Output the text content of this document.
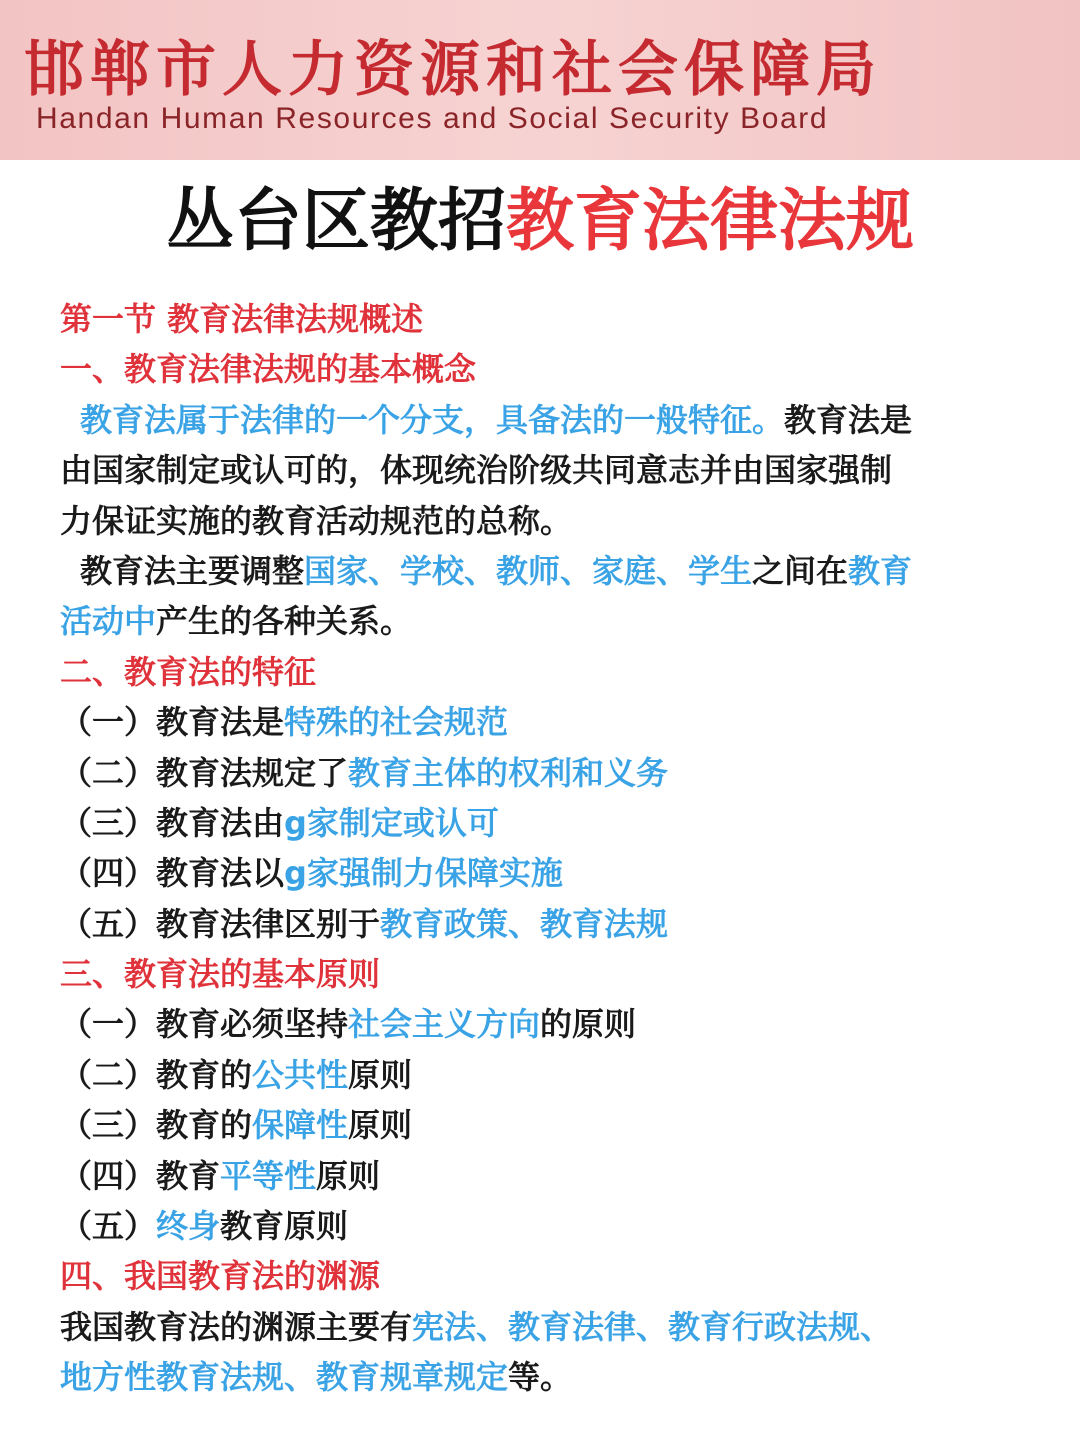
邯郸市人力资源和社会保障局
Handan Human Resources and Social Security Board
丛台区教招教育法律法规
第一节 教育法律法规概述
一、教育法律法规的基本概念
教育法属于法律的一个分支，具备法的一般特征。教育法是
由国家制定或认可的，体现统治阶级共同意志并由国家强制
力保证实施的教育活动规范的总称。
教育法主要调整国家、学校、教师、家庭、学生之间在教育
活动中产生的各种关系。
二、教育法的特征
（一）教育法是特殊的社会规范
（二）教育法规定了教育主体的权利和义务
（三）教育法由g家制定或认可
（四）教育法以g家强制力保障实施
（五）教育法律区别于教育政策、教育法规
三、教育法的基本原则
（一）教育必须坚持社会主义方向的原则
（二）教育的公共性原则
（三）教育的保障性原则
（四）教育平等性原则
（五）终身教育原则
四、我国教育法的渊源
我国教育法的渊源主要有宪法、教育法律、教育行政法规、
地方性教育法规、教育规章规定等。
